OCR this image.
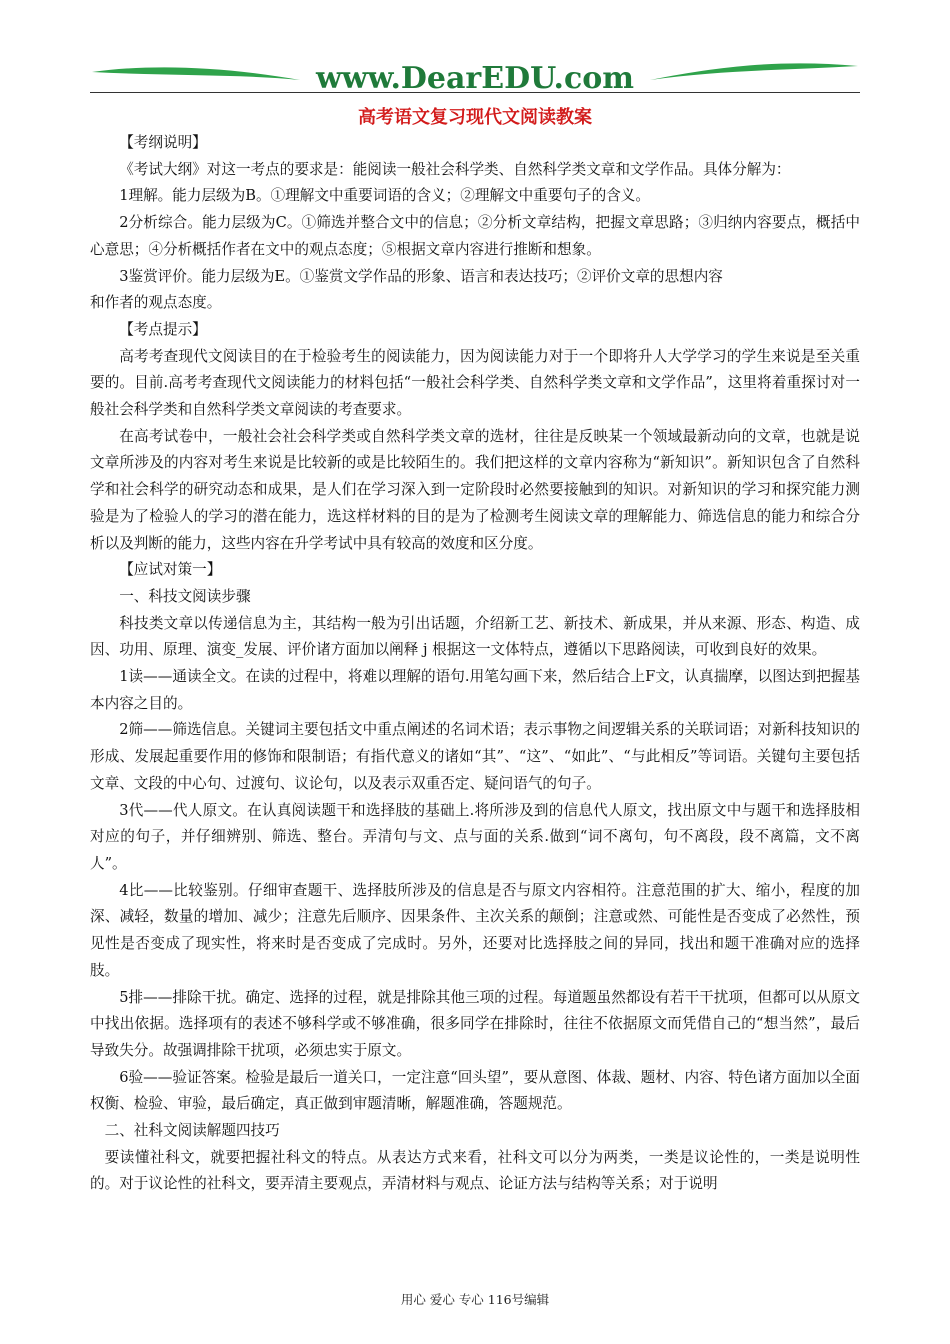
www.DearEDU.com
高考语文复习现代文阅读教案

【考纲说明】

《考试大纲》对这一考点的要求是：能阅读一般社会科学类、自然科学类文章和文学作品。具体分解为：

1理解。能力层级为B。①理解文中重要词语的含义；②理解文中重要句子的含义。

2分析综合。能力层级为C。①筛选并整合文中的信息；②分析文章结构，把握文章思路；③归纳内容要点，概括中心意思；④分析概括作者在文中的观点态度；⑤根据文章内容进行推断和想象。

3鉴赏评价。能力层级为E。①鉴赏文学作品的形象、语言和表达技巧；②评价文章的思想内容

和作者的观点态度。

【考点提示】

高考考查现代文阅读目的在于检验考生的阅读能力，因为阅读能力对于一个即将升人大学学习的学生来说是至关重要的。目前.高考考查现代文阅读能力的材料包括“一般社会科学类、自然科学类文章和文学作品”，这里将着重探讨对一般社会科学类和自然科学类文章阅读的考查要求。

在高考试卷中，一般社会社会科学类或自然科学类文章的选材，往往是反映某一个领域最新动向的文章，也就是说文章所涉及的内容对考生来说是比较新的或是比较陌生的。我们把这样的文章内容称为“新知识”。新知识包含了自然科学和社会科学的研究动态和成果，是人们在学习深入到一定阶段时必然要接触到的知识。对新知识的学习和探究能力测验是为了检验人的学习的潜在能力，选这样材料的目的是为了检测考生阅读文章的理解能力、筛选信息的能力和综合分析以及判断的能力，这些内容在升学考试中具有较高的效度和区分度。

【应试对策一】

一、科技文阅读步骤

科技类文章以传递信息为主，其结构一般为引出话题，介绍新工艺、新技术、新成果，并从来源、形态、构造、成因、功用、原理、演变_发展、评价诸方面加以阐释 j 根据这一文体特点，遵循以下思路阅读，可收到良好的效果。

1读——通读全文。在读的过程中，将难以理解的语句.用笔勾画下来，然后结合上F文，认真揣摩，以图达到把握基本内容之目的。

2筛——筛选信息。关键词主要包括文中重点阐述的名词术语；表示事物之间逻辑关系的关联词语；对新科技知识的形成、发展起重要作用的修饰和限制语；有指代意义的诸如“其”、“这”、“如此”、“与此相反”等词语。关键句主要包括文章、文段的中心句、过渡句、议论句，以及表示双重否定、疑问语气的句子。

3代——代人原文。在认真阅读题干和选择肢的基础上.将所涉及到的信息代人原文，找出原文中与题干和选择肢相对应的句子，并仔细辨别、筛选、整台。弄清句与文、点与面的关系.做到“词不离句，句不离段，段不离篇，文不离人”。

4比——比较鉴别。仔细审查题干、选择肢所涉及的信息是否与原文内容相符。注意范围的扩大、缩小，程度的加深、减轻，数量的增加、减少；注意先后顺序、因果条件、主次关系的颠倒；注意或然、可能性是否变成了必然性，预见性是否变成了现实性，将来时是否变成了完成时。另外，还要对比选择肢之间的异同，找出和题干准确对应的选择肢。

5排——排除干扰。确定、选择的过程，就是排除其他三项的过程。每道题虽然都设有若干干扰项，但都可以从原文中找出依据。选择项有的表述不够科学或不够准确，很多同学在排除时，往往不依据原文而凭借自己的“想当然”，最后导致失分。故强调排除干扰项，必须忠实于原文。

6验——验证答案。检验是最后一道关口，一定注意“回头望”，要从意图、体裁、题材、内容、特色诸方面加以全面权衡、检验、审验，最后确定，真正做到审题清晰，解题准确，答题规范。

二、社科文阅读解题四技巧

要读懂社科文，就要把握社科文的特点。从表达方式来看，社科文可以分为两类，一类是议论性的，一类是说明性的。对于议论性的社科文，要弄清主要观点，弄清材料与观点、论证方法与结构等关系；对于说明

用心 爱心 专心 116号编辑
